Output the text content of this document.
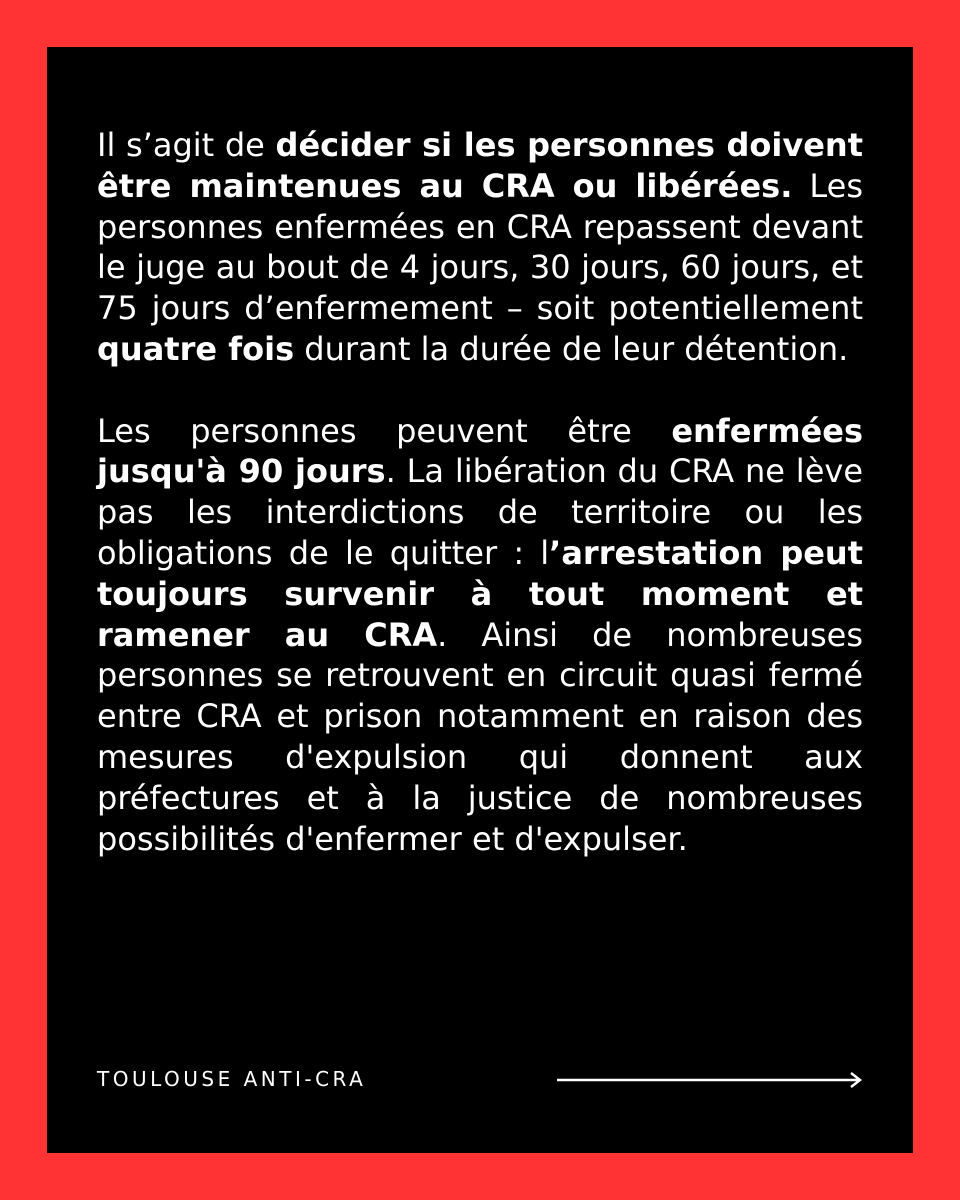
Il s’agit de décider si les personnes doivent être maintenues au CRA ou libérées. Les personnes enfermées en CRA repassent devant le juge au bout de 4 jours, 30 jours, 60 jours, et 75 jours d’enfermement – soit potentiellement quatre fois durant la durée de leur détention.

Les personnes peuvent être enfermées jusqu'à 90 jours. La libération du CRA ne lève pas les interdictions de territoire ou les obligations de le quitter : l’arrestation peut toujours survenir à tout moment et ramener au CRA. Ainsi de nombreuses personnes se retrouvent en circuit quasi fermé entre CRA et prison notamment en raison des mesures d'expulsion qui donnent aux préfectures et à la justice de nombreuses possibilités d'enfermer et d'expulser.

TOULOUSE ANTI-CRA
